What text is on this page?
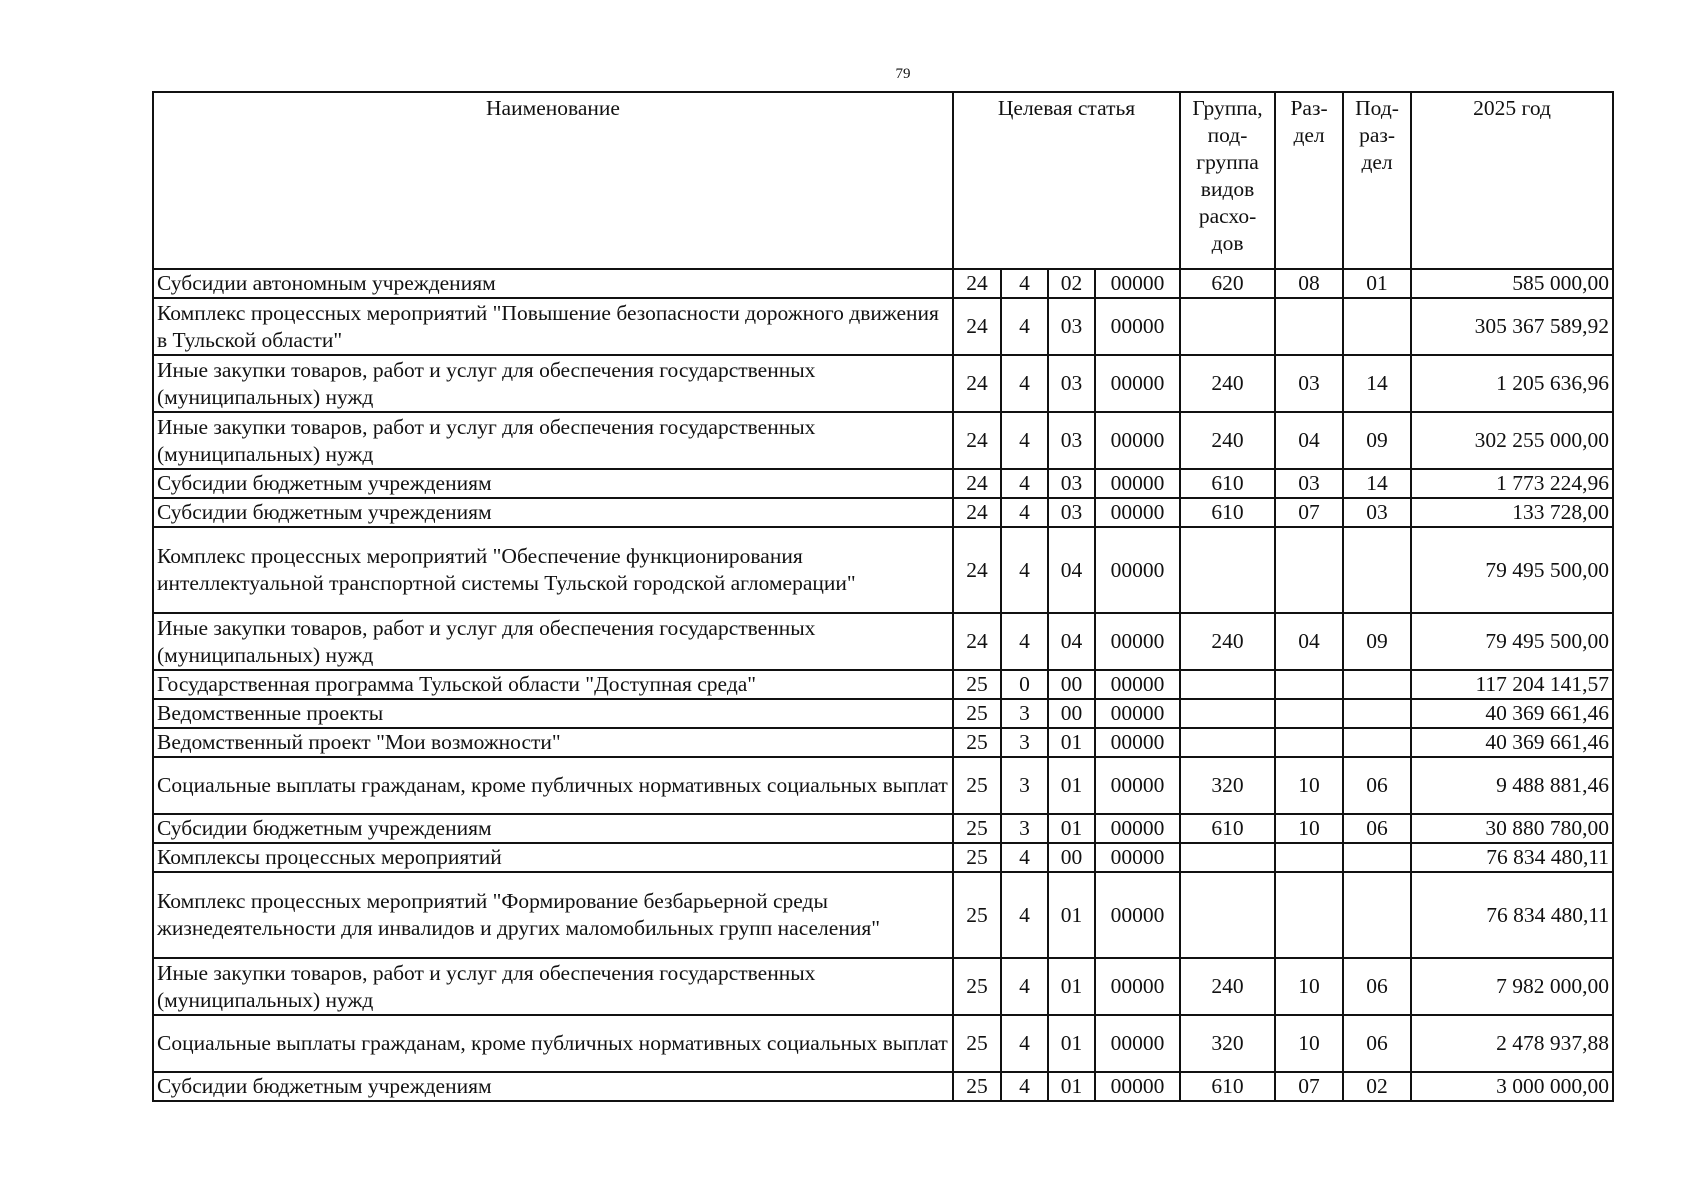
79
Наименование	Целевая статья				Группа, под-группа видов расхо-дов	Раз-дел	Под-раз-дел	2025 год
Субсидии автономным учреждениям	24	4	02	00000	620	08	01	585 000,00
Комплекс процессных мероприятий "Повышение безопасности дорожного движения в Тульской области"	24	4	03	00000				305 367 589,92
Иные закупки товаров, работ и услуг для обеспечения государственных (муниципальных) нужд	24	4	03	00000	240	03	14	1 205 636,96
Иные закупки товаров, работ и услуг для обеспечения государственных (муниципальных) нужд	24	4	03	00000	240	04	09	302 255 000,00
Субсидии бюджетным учреждениям	24	4	03	00000	610	03	14	1 773 224,96
Субсидии бюджетным учреждениям	24	4	03	00000	610	07	03	133 728,00
Комплекс процессных мероприятий "Обеспечение функционирования интеллектуальной транспортной системы Тульской городской агломерации"	24	4	04	00000				79 495 500,00
Иные закупки товаров, работ и услуг для обеспечения государственных (муниципальных) нужд	24	4	04	00000	240	04	09	79 495 500,00
Государственная программа Тульской области "Доступная среда"	25	0	00	00000				117 204 141,57
Ведомственные проекты	25	3	00	00000				40 369 661,46
Ведомственный проект "Мои возможности"	25	3	01	00000				40 369 661,46
Социальные выплаты гражданам, кроме публичных нормативных социальных выплат	25	3	01	00000	320	10	06	9 488 881,46
Субсидии бюджетным учреждениям	25	3	01	00000	610	10	06	30 880 780,00
Комплексы процессных мероприятий	25	4	00	00000				76 834 480,11
Комплекс процессных мероприятий "Формирование безбарьерной среды жизнедеятельности для инвалидов и других маломобильных групп населения"	25	4	01	00000				76 834 480,11
Иные закупки товаров, работ и услуг для обеспечения государственных (муниципальных) нужд	25	4	01	00000	240	10	06	7 982 000,00
Социальные выплаты гражданам, кроме публичных нормативных социальных выплат	25	4	01	00000	320	10	06	2 478 937,88
Субсидии бюджетным учреждениям	25	4	01	00000	610	07	02	3 000 000,00
